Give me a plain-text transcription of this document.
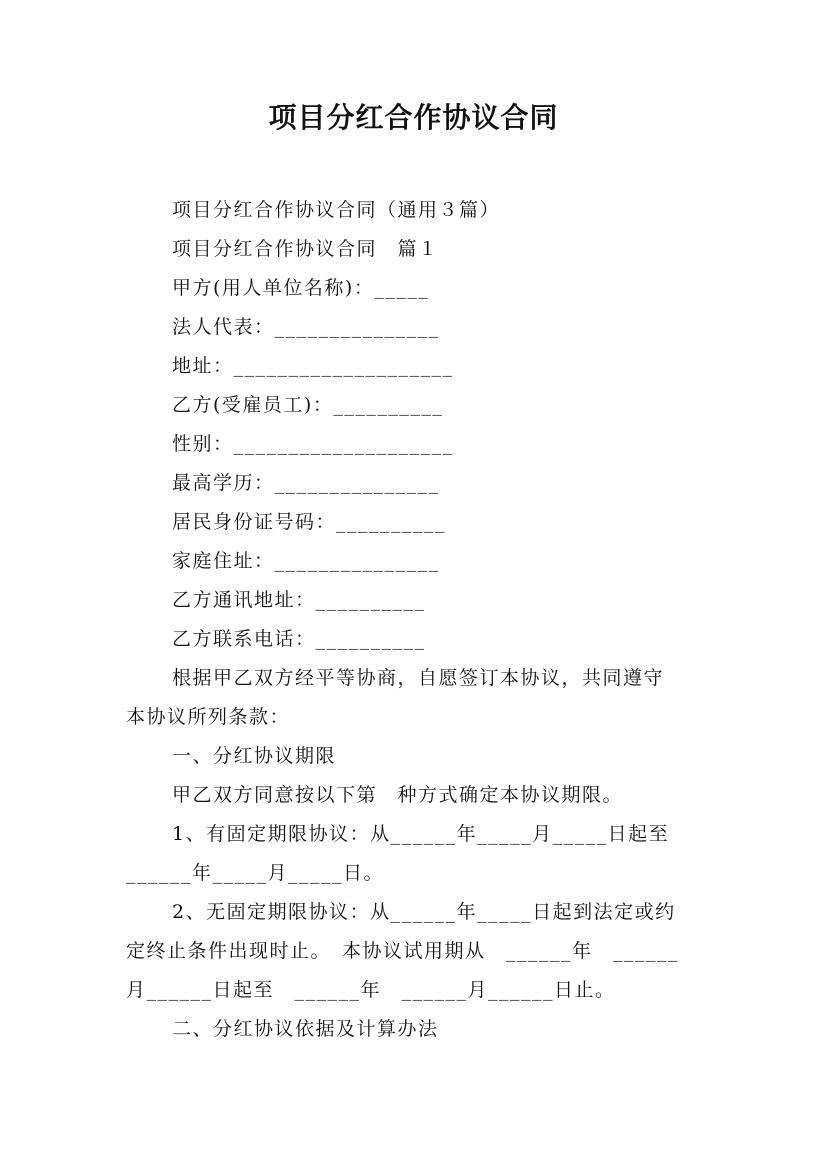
项目分红合作协议合同
项目分红合作协议合同（通用３篇）
项目分红合作协议合同　篇１
甲方(用人单位名称)：_____
法人代表：_______________
地址：____________________
乙方(受雇员工)：__________
性别：____________________
最高学历：_______________
居民身份证号码：__________
家庭住址：_______________
乙方通讯地址：__________
乙方联系电话：__________
根据甲乙双方经平等协商，自愿签订本协议，共同遵守
本协议所列条款：
一、分红协议期限
甲乙双方同意按以下第　种方式确定本协议期限。
1、有固定期限协议：从______年_____月_____日起至
______年_____月_____日。
2、无固定期限协议：从______年_____日起到法定或约
定终止条件出现时止。　本协议试用期从　______年　______
月______日起至　______年　______月______日止。
二、分红协议依据及计算办法
